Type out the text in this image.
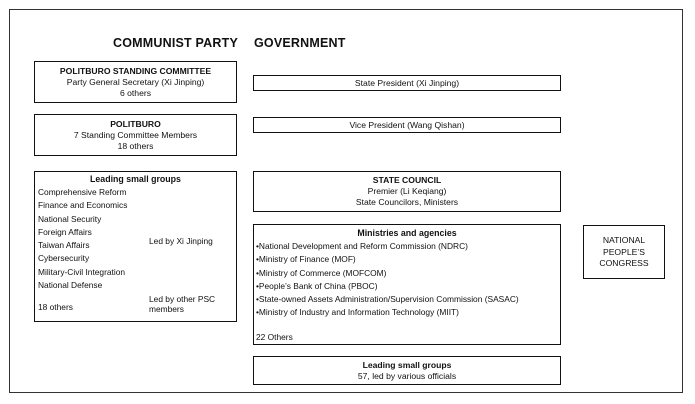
COMMUNIST PARTY GOVERNMENT
POLITBURO STANDING COMMITTEE
Party General Secretary (Xi Jinping)
6 others
POLITBURO
7 Standing Committee Members
18 others
Leading small groups
Comprehensive Reform
Finance and Economics
National Security
Foreign Affairs
Taiwan Affairs
Cybersecurity
Military-Civil Integration
National Defense
Led by Xi Jinping
18 others
Led by other PSC
members
State President (Xi Jinping)
Vice President (Wang Qishan)
STATE COUNCIL
Premier (Li Keqiang)
State Councilors, Ministers
Ministries and agencies
•National Development and Reform Commission (NDRC)
•Ministry of Finance (MOF)
•Ministry of Commerce (MOFCOM)
•People’s Bank of China (PBOC)
•State-owned Assets Administration/Supervision Commission (SASAC)
•Ministry of Industry and Information Technology (MIIT)
22 Others
Leading small groups
57, led by various officials
NATIONAL
PEOPLE’S
CONGRESS
